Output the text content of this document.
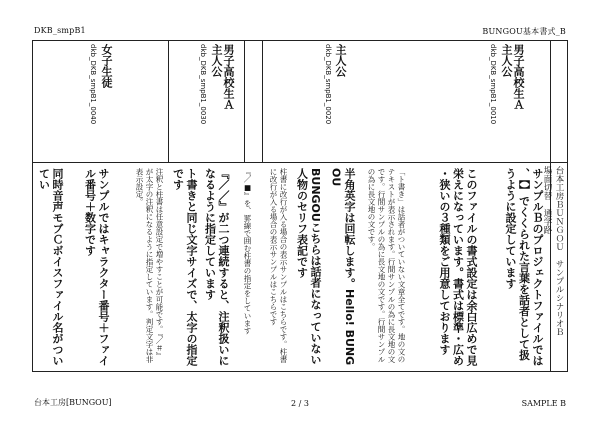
DKB_smpB1	BUNGOU基本書式_B
台本工房ＢＵＮＧＯＵ　サンプルシナリオＢ
場面切替　通学路
dkb_DKB_smpB1_0010 主人公 男子高校生Ａ
サンプルＢのプロジェクトファイルでは、【】でくくられた言葉を話者として扱うように設定しています
このファイルの書式設定は余白広めで見栄えになっています。書式は標準・広め・狭いの３種類をご用意しております
「ト書き」は話者がついていない文章全てです。地の文のテキストが表示されます。行間サンプルの為に長文地の文です。行間サンプルの為に長文地の文です。行間サンプルの為に長文地の文です。
dkb_DKB_smpB1_0020 主人公
半角英字は回転します。Hello! BUNGOU
BUNGOUこちらは話者になっていない人物のセリフ表記です
柱書に改行が入る場合の表示サンプルはこちらです。柱書に改行が入る場合の表示サンプルはこちらです
dkb_DKB_smpB1_0030 主人公 男子高校生Ａ
『／■』を、罫線で囲む柱書の指定をしています
『／／』が二つ連続すると、注釈扱いになるように指定しています
ト書きと同じ文字サイズで、太字の指定です
注釈と柱書は任意設定で増やすことが可能です。『／＃』が太字の注釈になるように指定しています。判定文字は非表示設定。
dkb_DKB_smpB1_0040 女子生徒
サンプルではキャラクター番号＋ファイル番号＋数字です
同時音声モブＣボイスファイル名がついてい
台本工房[BUNGOU]	2 / 3	SAMPLE B
